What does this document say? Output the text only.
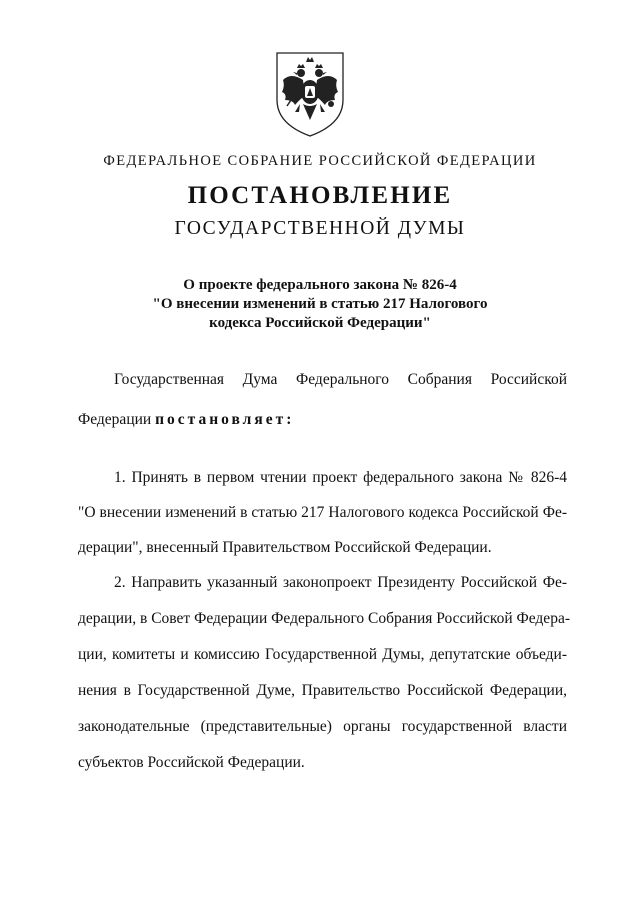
ФЕДЕРАЛЬНОЕ СОБРАНИЕ РОССИЙСКОЙ ФЕДЕРАЦИИ
ПОСТАНОВЛЕНИЕ
ГОСУДАРСТВЕННОЙ ДУМЫ
О проекте федерального закона № 826-4
"О внесении изменений в статью 217 Налогового
кодекса Российской Федерации"
Государственная Дума Федерального Собрания Российской
Федерации постановляет:
1. Принять в первом чтении проект федерального закона № 826-4
"О внесении изменений в статью 217 Налогового кодекса Российской Фе-
дерации", внесенный Правительством Российской Федерации.
2. Направить указанный законопроект Президенту Российской Фе-
дерации, в Совет Федерации Федерального Собрания Российской Федера-
ции, комитеты и комиссию Государственной Думы, депутатские объеди-
нения в Государственной Думе, Правительство Российской Федерации,
законодательные (представительные) органы государственной власти
субъектов Российской Федерации.
